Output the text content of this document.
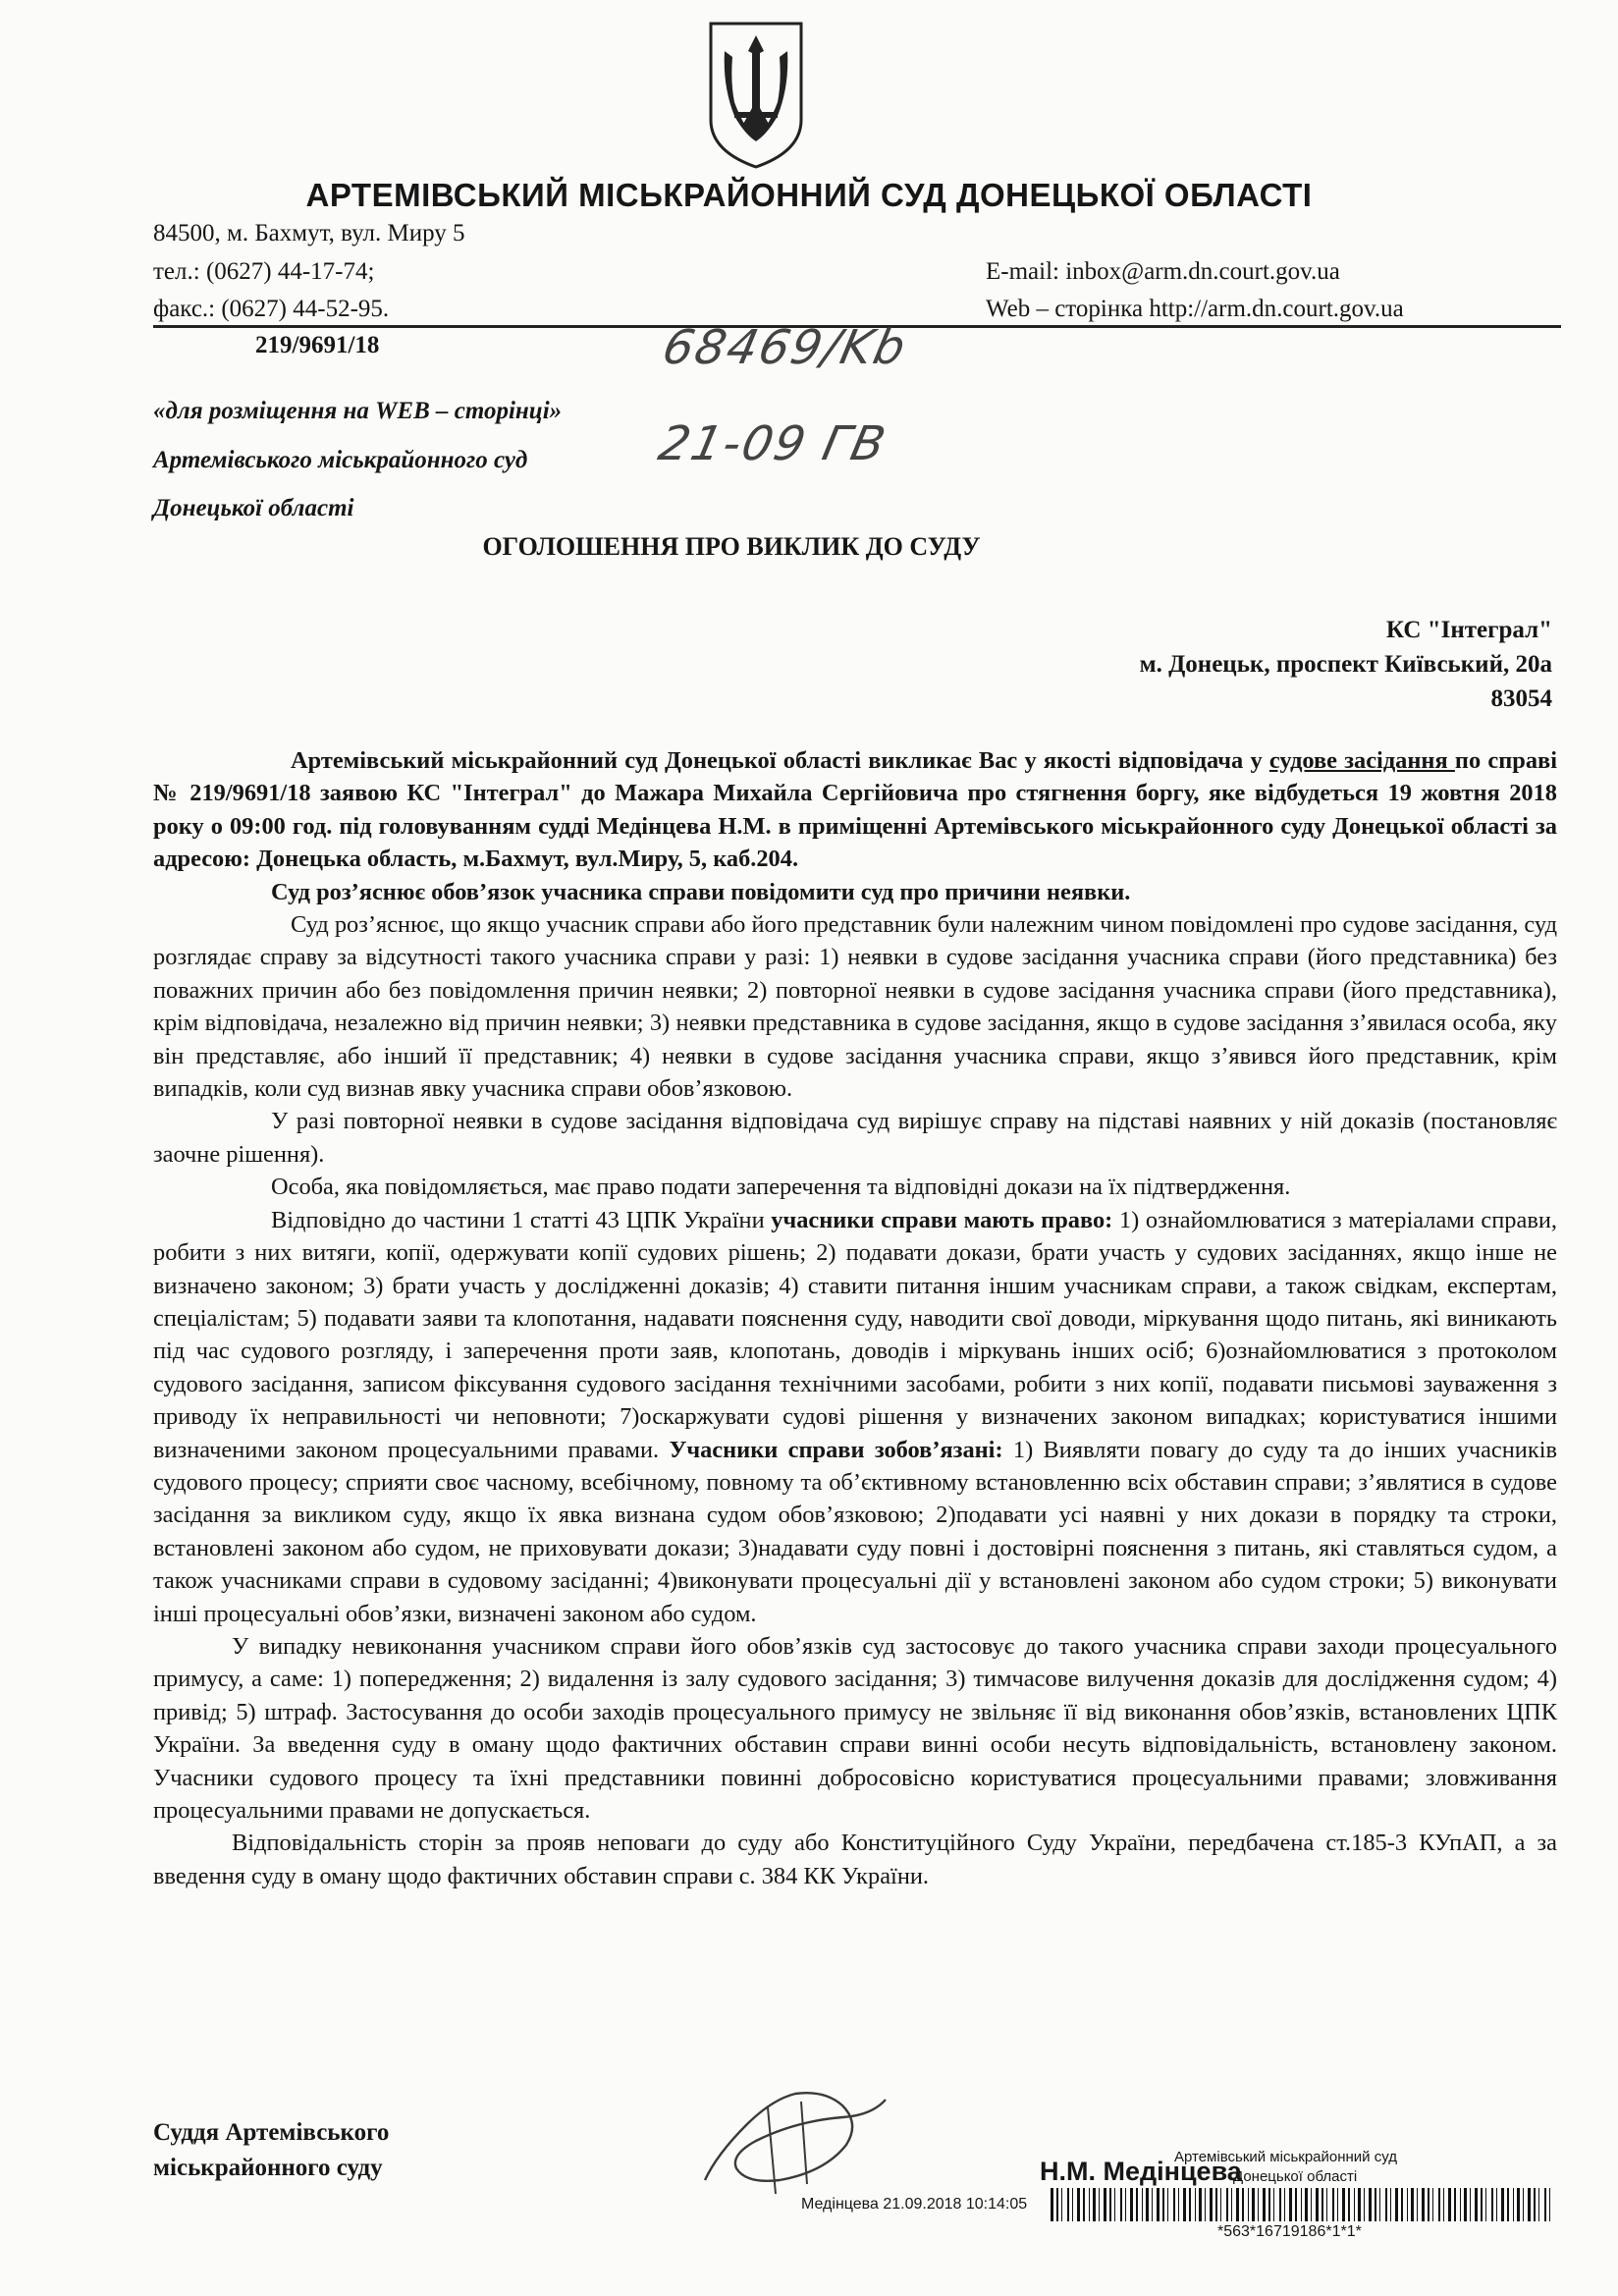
АРТЕМІВСЬКИЙ МІСЬКРАЙОННИЙ СУД ДОНЕЦЬКОЇ ОБЛАСТІ
84500, м. Бахмут, вул. Миру 5
тел.: (0627) 44-17-74;
факс.: (0627) 44-52-95.
E-mail: inbox@arm.dn.court.gov.ua
Web – сторінка http://arm.dn.court.gov.ua
219/9691/18	68469/Kb
21-09 ГВ
«для розміщення на WEB – сторінці»
Артемівського міськрайонного суд
Донецької області
ОГОЛОШЕННЯ ПРО ВИКЛИК ДО СУДУ
КС "Інтеграл"
м. Донецьк, проспект Київський, 20а
83054

Артемівський міськрайонний суд Донецької області викликає Вас у якості відповідача у судове засідання по справі № 219/9691/18 заявою КС "Інтеграл" до Мажара Михайла Сергійовича про стягнення боргу, яке відбудеться 19 жовтня 2018 року о 09:00 год. під головуванням судді Медінцева Н.М. в приміщенні Артемівського міськрайонного суду Донецької області за адресою: Донецька область, м.Бахмут, вул.Миру, 5, каб.204.

Суд роз’яснює обов’язок учасника справи повідомити суд про причини неявки.

Суд роз’яснює, що якщо учасник справи або його представник були належним чином повідомлені про судове засідання, суд розглядає справу за відсутності такого учасника справи у разі: 1) неявки в судове засідання учасника справи (його представника) без поважних причин або без повідомлення причин неявки; 2) повторної неявки в судове засідання учасника справи (його представника), крім відповідача, незалежно від причин неявки; 3) неявки представника в судове засідання, якщо в судове засідання з’явилася особа, яку він представляє, або інший її представник; 4) неявки в судове засідання учасника справи, якщо з’явився його представник, крім випадків, коли суд визнав явку учасника справи обов’язковою.

У разі повторної неявки в судове засідання відповідача суд вирішує справу на підставі наявних у ній доказів (постановляє заочне рішення).

Особа, яка повідомляється, має право подати заперечення та відповідні докази на їх підтвердження.

Відповідно до частини 1 статті 43 ЦПК України учасники справи мають право: 1) ознайомлюватися з матеріалами справи, робити з них витяги, копії, одержувати копії судових рішень; 2) подавати докази, брати участь у судових засіданнях, якщо інше не визначено законом; 3) брати участь у дослідженні доказів; 4) ставити питання іншим учасникам справи, а також свідкам, експертам, спеціалістам; 5) подавати заяви та клопотання, надавати пояснення суду, наводити свої доводи, міркування щодо питань, які виникають під час судового розгляду, і заперечення проти заяв, клопотань, доводів і міркувань інших осіб; 6)ознайомлюватися з протоколом судового засідання, записом фіксування судового засідання технічними засобами, робити з них копії, подавати письмові зауваження з приводу їх неправильності чи неповноти; 7)оскаржувати судові рішення у визначених законом випадках; користуватися іншими визначеними законом процесуальними правами. Учасники справи зобов’язані: 1) Виявляти повагу до суду та до інших учасників судового процесу; сприяти своє часному, всебічному, повному та об’єктивному встановленню всіх обставин справи; з’являтися в судове засідання за викликом суду, якщо їх явка визнана судом обов’язковою; 2)подавати усі наявні у них докази в порядку та строки, встановлені законом або судом, не приховувати докази; 3)надавати суду повні і достовірні пояснення з питань, які ставляться судом, а також учасниками справи в судовому засіданні; 4)виконувати процесуальні дії у встановлені законом або судом строки; 5) виконувати інші процесуальні обов’язки, визначені законом або судом.

У випадку невиконання учасником справи його обов’язків суд застосовує до такого учасника справи заходи процесуального примусу, а саме: 1) попередження; 2) видалення із залу судового засідання; 3) тимчасове вилучення доказів для дослідження судом; 4) привід; 5) штраф. Застосування до особи заходів процесуального примусу не звільняє її від виконання обов’язків, встановлених ЦПК України. За введення суду в оману щодо фактичних обставин справи винні особи несуть відповідальність, встановлену законом. Учасники судового процесу та їхні представники повинні добросовісно користуватися процесуальними правами; зловживання процесуальними правами не допускається.

Відповідальність сторін за прояв неповаги до суду або Конституційного Суду України, передбачена ст.185-3 КУпАП, а за введення суду в оману щодо фактичних обставин справи с. 384 КК України.

Суддя Артемівського
міськрайонного суду	Н.М. Медінцева
Артемівський міськрайонний суд
Донецької області
Медінцева 21.09.2018 10:14:05
*563*16719186*1*1*
